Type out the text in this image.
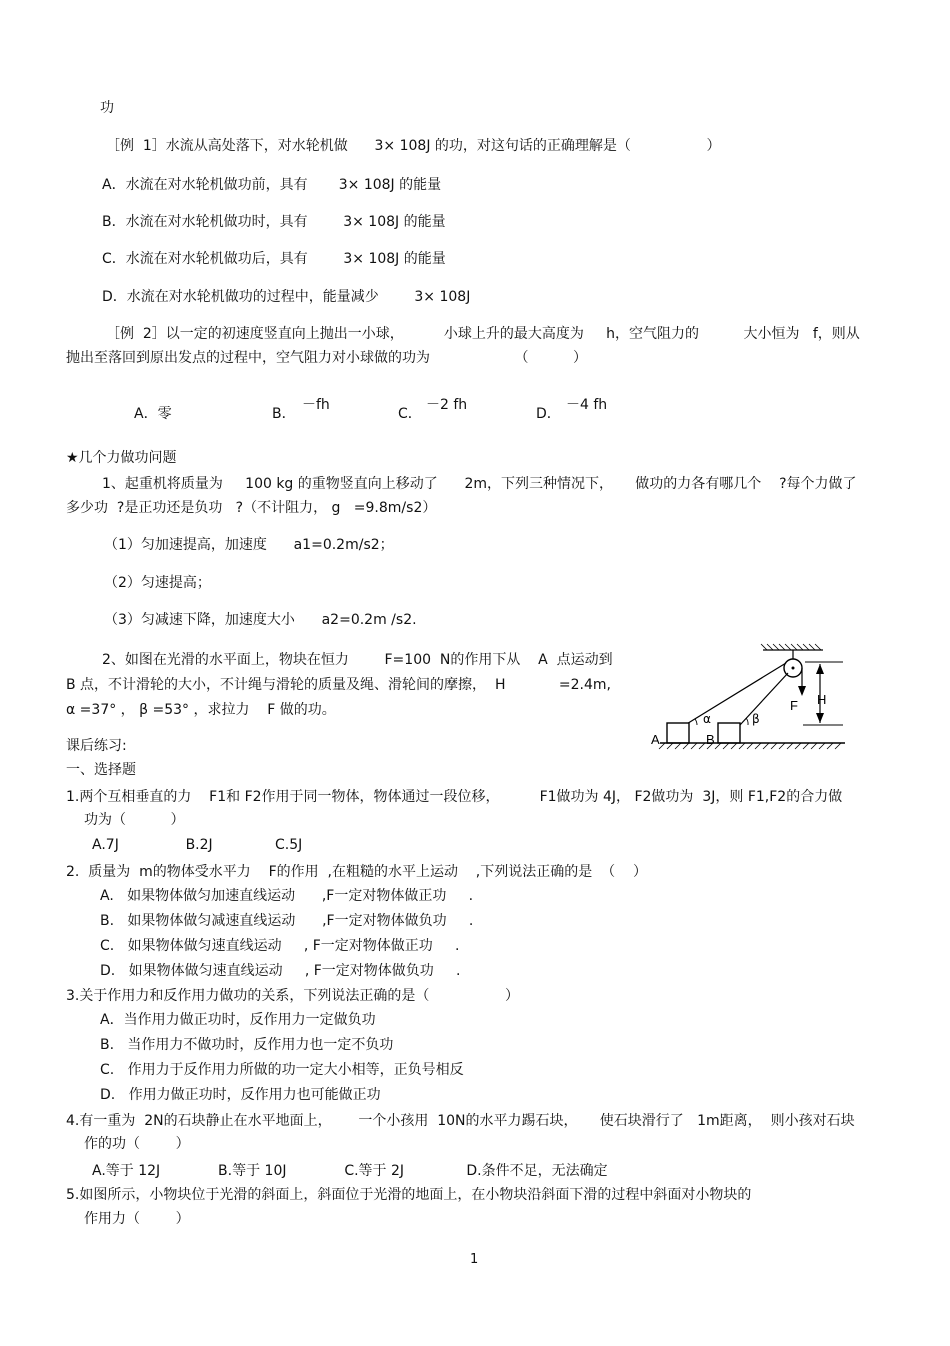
功
［例  1］水流从高处落下，对水轮机做      3× 108J 的功，对这句话的正确理解是（                 ）
A．水流在对水轮机做功前，具有       3× 108J 的能量
B．水流在对水轮机做功时，具有        3× 108J 的能量
C．水流在对水轮机做功后，具有        3× 108J 的能量
D．水流在对水轮机做功的过程中，能量减少        3× 108J
［例  2］以一定的初速度竖直向上抛出一小球，         小球上升的最大高度为     h，空气阻力的          大小恒为   f，则从
抛出至落回到原出发点的过程中，空气阻力对小球做的功为                   （          ）
A．零	B．
－fh
C．
－2 fh
D．
－4 fh
★几个力做功问题
1、起重机将质量为     100 kg 的重物竖直向上移动了      2m，下列三种情况下，     做功的力各有哪几个    ?每个力做了
多少功  ?是正功还是负功   ?（不计阻力， g   =9.8m/s2）
（1）匀加速提高，加速度      a1=0.2m/s2；
（2）匀速提高；
（3）匀减速下降，加速度大小      a2=0.2m /s2.
2、如图在光滑的水平面上，物块在恒力        F=100  N的作用下从    A  点运动到
B 点，不计滑轮的大小，不计绳与滑轮的质量及绳、滑轮间的摩擦，  H            =2.4m,
α =37° ， β =53° ，求拉力    F 做的功。	F H
A	B
α	β
课后练习:
一、选择题
1.两个互相垂直的力    F1和 F2作用于同一物体，物体通过一段位移，         F1做功为 4J， F2做功为  3J，则 F1,F2的合力做
功为（          ）
A.7J               B.2J              C.5J
2.  质量为  m的物体受水平力    F的作用  ,在粗糙的水平上运动    ,下列说法正确的是  （    ）
A.   如果物体做匀加速直线运动      ,F一定对物体做正功     .
B.   如果物体做匀减速直线运动      ,F一定对物体做负功     .
C.   如果物体做匀速直线运动     , F一定对物体做正功     .
D.   如果物体做匀速直线运动     , F一定对物体做负功     .
3.关于作用力和反作用力做功的关系，下列说法正确的是（                 ）
A．当作用力做正功时，反作用力一定做负功
B.   当作用力不做功时，反作用力也一定不负功
C.   作用力于反作用力所做的功一定大小相等，正负号相反
D.   作用力做正功时，反作用力也可能做正功
4.有一重为  2N的石块静止在水平地面上，      一个小孩用  10N的水平力踢石块，     使石块滑行了   1m距离，  则小孩对石块
作的功（        ）
A.等于 12J             B.等于 10J             C.等于 2J              D.条件不足，无法确定
5.如图所示，小物块位于光滑的斜面上，斜面位于光滑的地面上，在小物块沿斜面下滑的过程中斜面对小物块的
作用力（        ）
1
